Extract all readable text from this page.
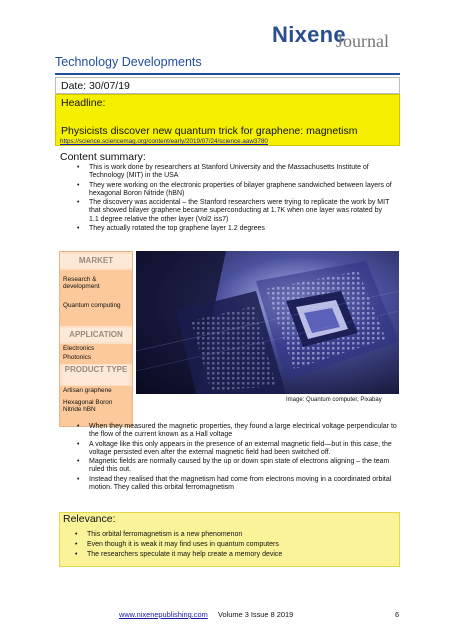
Nixene
Journal
Technology Developments
Date: 30/07/19
Headline:
Physicists discover new quantum trick for graphene: magnetism
https://science.sciencemag.org/content/early/2019/07/24/science.aaw3780
Content summary:
• This is work done by researchers at Stanford University and the Massachusetts Institute of Technology (MIT) in the USA
• They were working on the electronic properties of bilayer graphene sandwiched between layers of hexagonal Boron Nitride (hBN)
• The discovery was accidental – the Stanford researchers were trying to replicate the work by MIT that showed bilayer graphene became superconducting at 1.7K when one layer was rotated by 1.1 degree relative the other layer (Vol2 iss7)
• They actually rotated the top graphene layer 1.2 degrees
MARKET
Research & development
Quantum computing
APPLICATION
Electronics
Photonics
PRODUCT TYPE
Artisan graphene
Hexagonal Boron Nitride hBN
Image: Quantum computer, Pixabay
• When they measured the magnetic properties, they found a large electrical voltage perpendicular to the flow of the current known as a Hall voltage
• A voltage like this only appears in the presence of an external magnetic field—but in this case, the voltage persisted even after the external magnetic field had been switched off.
• Magnetic fields are normally caused by the up or down spin state of electrons aligning – the team ruled this out.
• Instead they realised that the magnetism had come from electrons moving in a coordinated orbital motion. They called this orbital ferromagnetism
Relevance:
• This orbital ferromagnetism is a new phenomenon
• Even though it is weak it may find uses in quantum computers
• The researchers speculate it may help create a memory device
www.nixenepublishing.com Volume 3 Issue 8 2019	6
